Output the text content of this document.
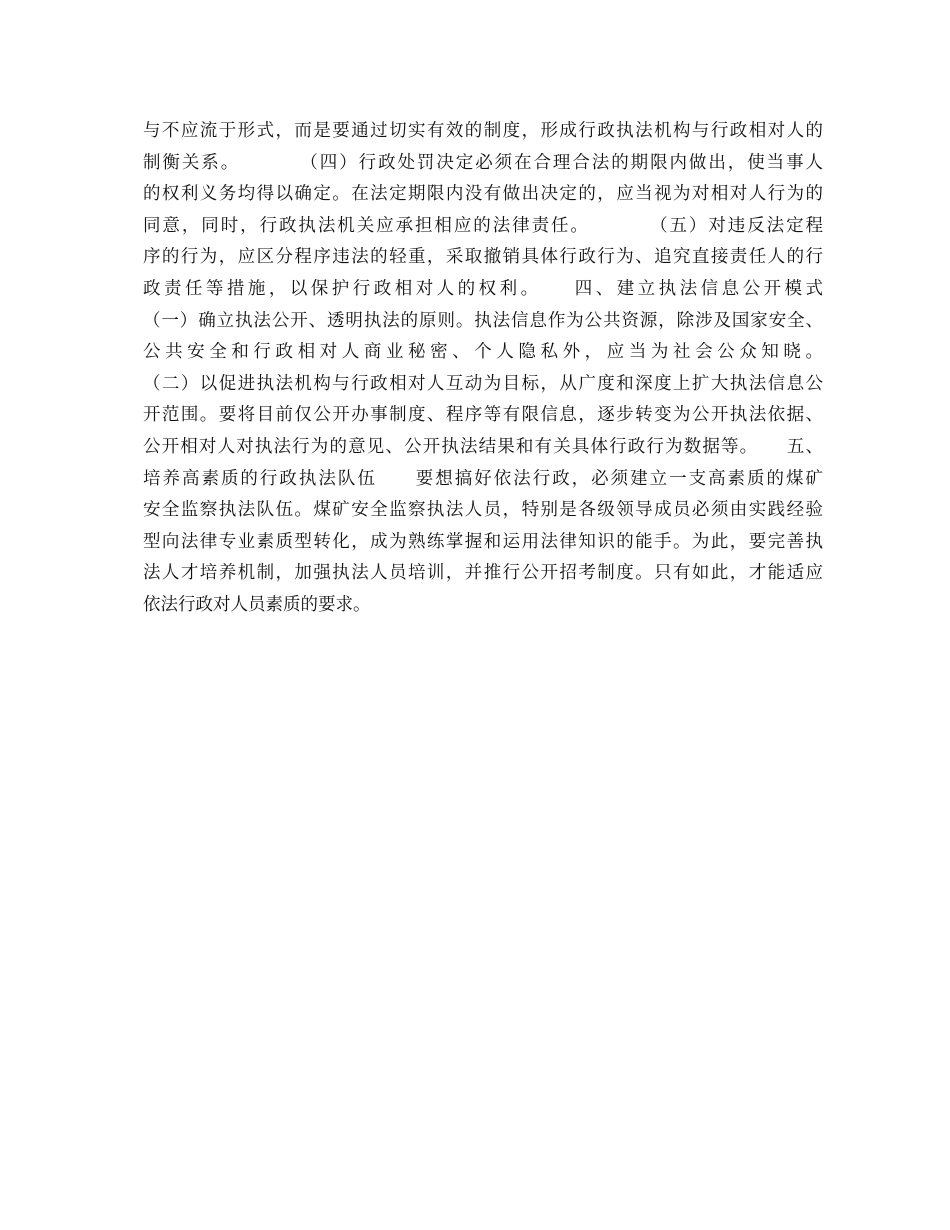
与不应流于形式，而是要通过切实有效的制度，形成行政执法机构与行政相对人的
制衡关系。　　　　（四）行政处罚决定必须在合理合法的期限内做出，使当事人
的权利义务均得以确定。在法定期限内没有做出决定的，应当视为对相对人行为的
同意，同时，行政执法机关应承担相应的法律责任。　　　　（五）对违反法定程
序的行为，应区分程序违法的轻重，采取撤销具体行政行为、追究直接责任人的行
政责任等措施，以保护行政相对人的权利。　　四、建立执法信息公开模式
（一）确立执法公开、透明执法的原则。执法信息作为公共资源，除涉及国家安全、
公共安全和行政相对人商业秘密、个人隐私外，应当为社会公众知晓。
（二）以促进执法机构与行政相对人互动为目标，从广度和深度上扩大执法信息公
开范围。要将目前仅公开办事制度、程序等有限信息，逐步转变为公开执法依据、
公开相对人对执法行为的意见、公开执法结果和有关具体行政行为数据等。　　五、
培养高素质的行政执法队伍　　要想搞好依法行政，必须建立一支高素质的煤矿
安全监察执法队伍。煤矿安全监察执法人员，特别是各级领导成员必须由实践经验
型向法律专业素质型转化，成为熟练掌握和运用法律知识的能手。为此，要完善执
法人才培养机制，加强执法人员培训，并推行公开招考制度。只有如此，才能适应
依法行政对人员素质的要求。
